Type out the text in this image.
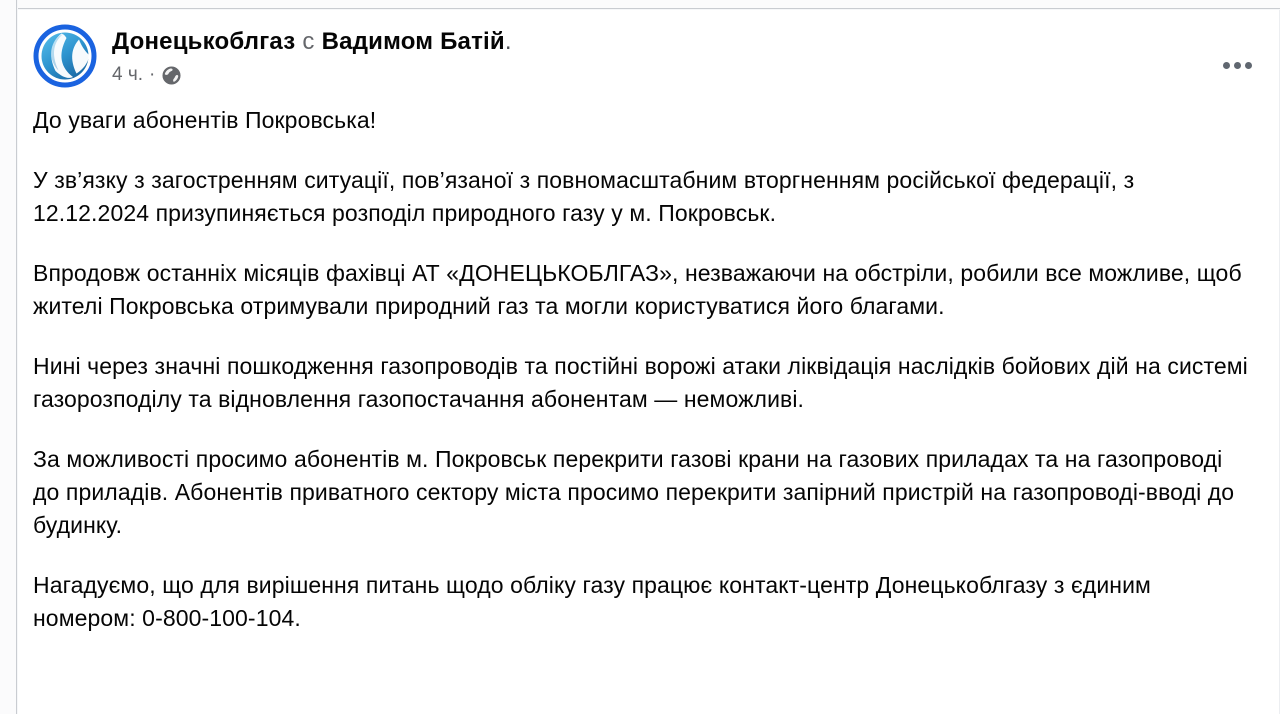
Донецькоблгаз с Вадимом Батій.
4 ч. ·

До уваги абонентів Покровська!

У зв’язку з загостренням ситуації, пов’язаної з повномасштабним вторгненням російської федерації, з 12.12.2024 призупиняється розподіл природного газу у м. Покровськ.

Впродовж останніх місяців фахівці АТ «ДОНЕЦЬКОБЛГАЗ», незважаючи на обстріли, робили все можливе, щоб жителі Покровська отримували природний газ та могли користуватися його благами.

Нині через значні пошкодження газопроводів та постійні ворожі атаки ліквідація наслідків бойових дій на системі газорозподілу та відновлення газопостачання абонентам — неможливі.

За можливості просимо абонентів м. Покровськ перекрити газові крани на газових приладах та на газопроводі до приладів. Абонентів приватного сектору міста просимо перекрити запірний пристрій на газопроводі-вводі до будинку.

Нагадуємо, що для вирішення питань щодо обліку газу працює контакт-центр Донецькоблгазу з єдиним номером: 0-800-100-104.
